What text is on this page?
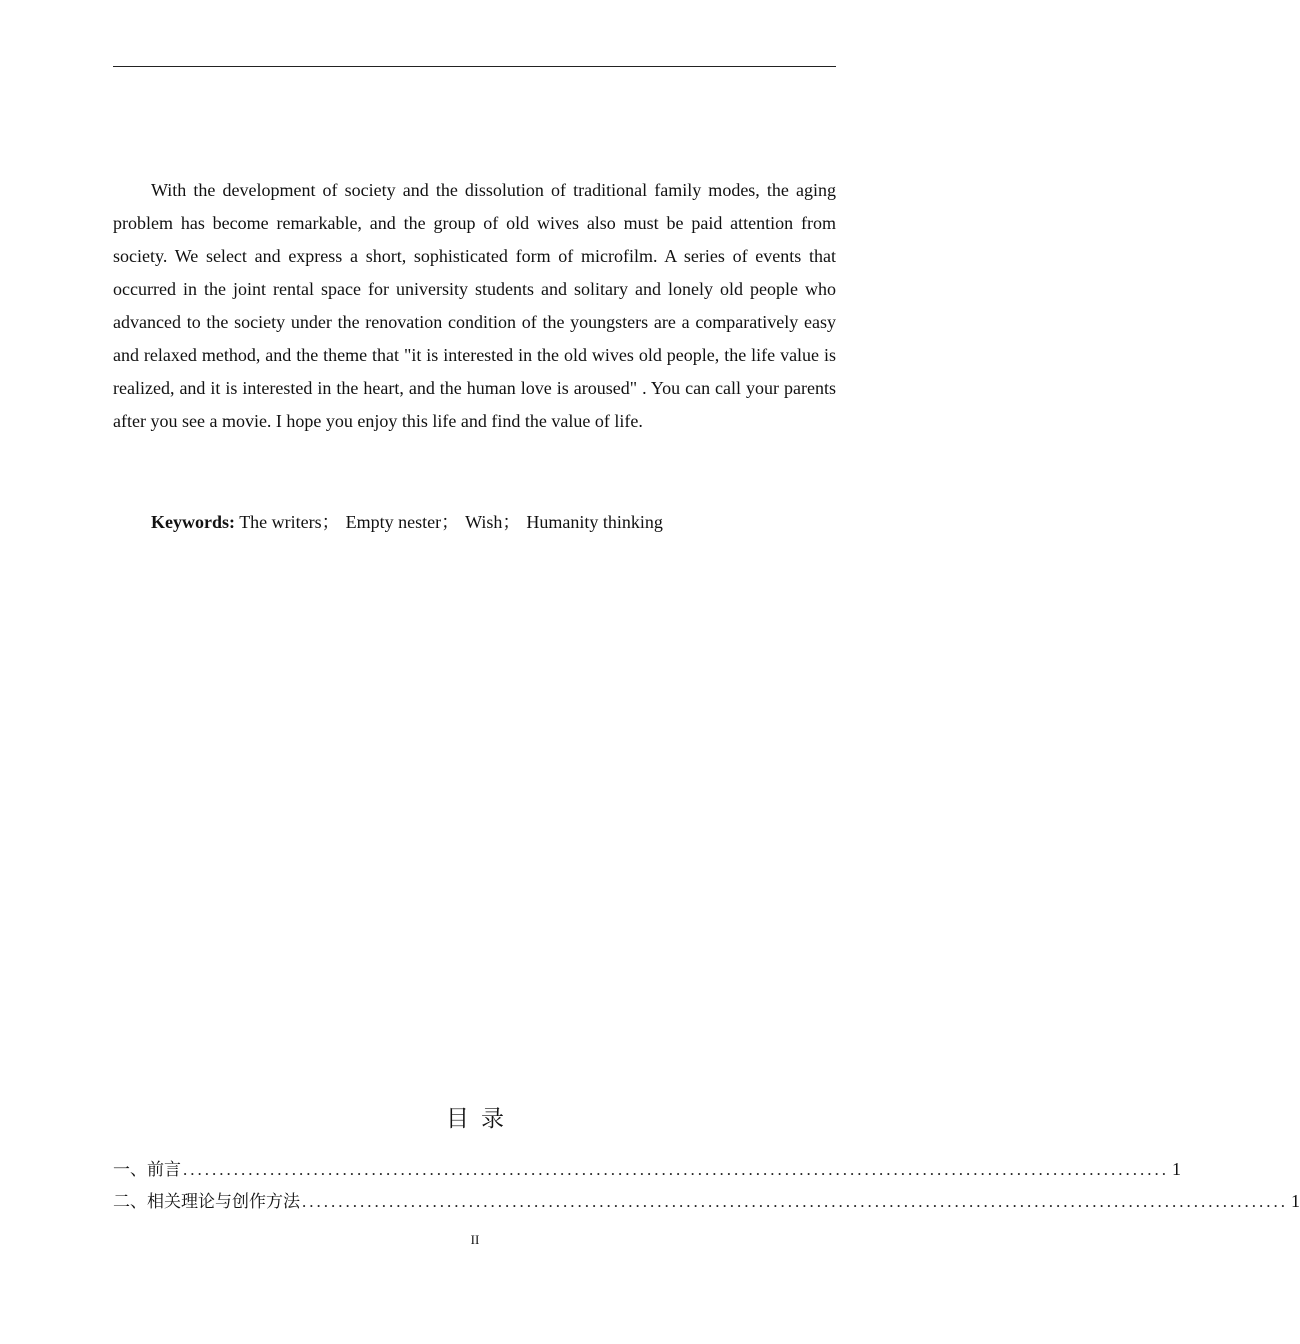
With the development of society and the dissolution of traditional family modes, the aging problem has become remarkable, and the group of old wives also must be paid attention from society. We select and express a short, sophisticated form of microfilm. A series of events that occurred in the joint rental space for university students and solitary and lonely old people who advanced to the society under the renovation condition of the youngsters are a comparatively easy and relaxed method, and the theme that "it is interested in the old wives old people, the life value is realized, and it is interested in the heart, and the human love is aroused" . You can call your parents after you see a movie. I hope you enjoy this life and find the value of life.

Keywords: The writers； Empty nester； Wish； Humanity thinking
目录
一、前言 ........................................................................................................................................ 1
二、相关理论与创作方法 ........................................................................................................................................ 1
II
